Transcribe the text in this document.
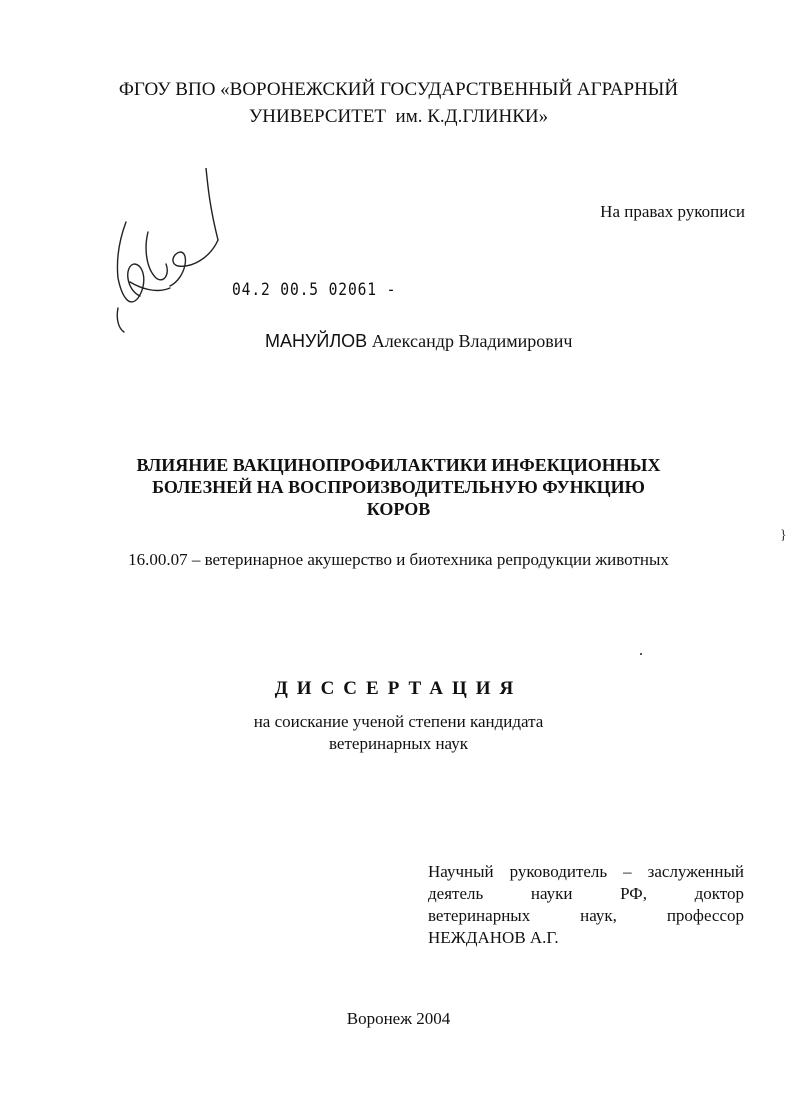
ФГОУ ВПО «ВОРОНЕЖСКИЙ ГОСУДАРСТВЕННЫЙ АГРАРНЫЙ
УНИВЕРСИТЕТ  им. К.Д.ГЛИНКИ»
На правах рукописи
04.2 00.5 02061 -
МАНУЙЛОВ Александр Владимирович
ВЛИЯНИЕ ВАКЦИНОПРОФИЛАКТИКИ ИНФЕКЦИОННЫХ
БОЛЕЗНЕЙ НА ВОСПРОИЗВОДИТЕЛЬНУЮ ФУНКЦИЮ
КОРОВ
}
16.00.07 – ветеринарное акушерство и биотехника репродукции животных
ДИССЕРТАЦИЯ
на соискание ученой степени кандидата
ветеринарных наук
Научный руководитель – заслуженный
деятель науки РФ, доктор
ветеринарных наук, профессор
НЕЖДАНОВ А.Г.
Воронеж 2004
